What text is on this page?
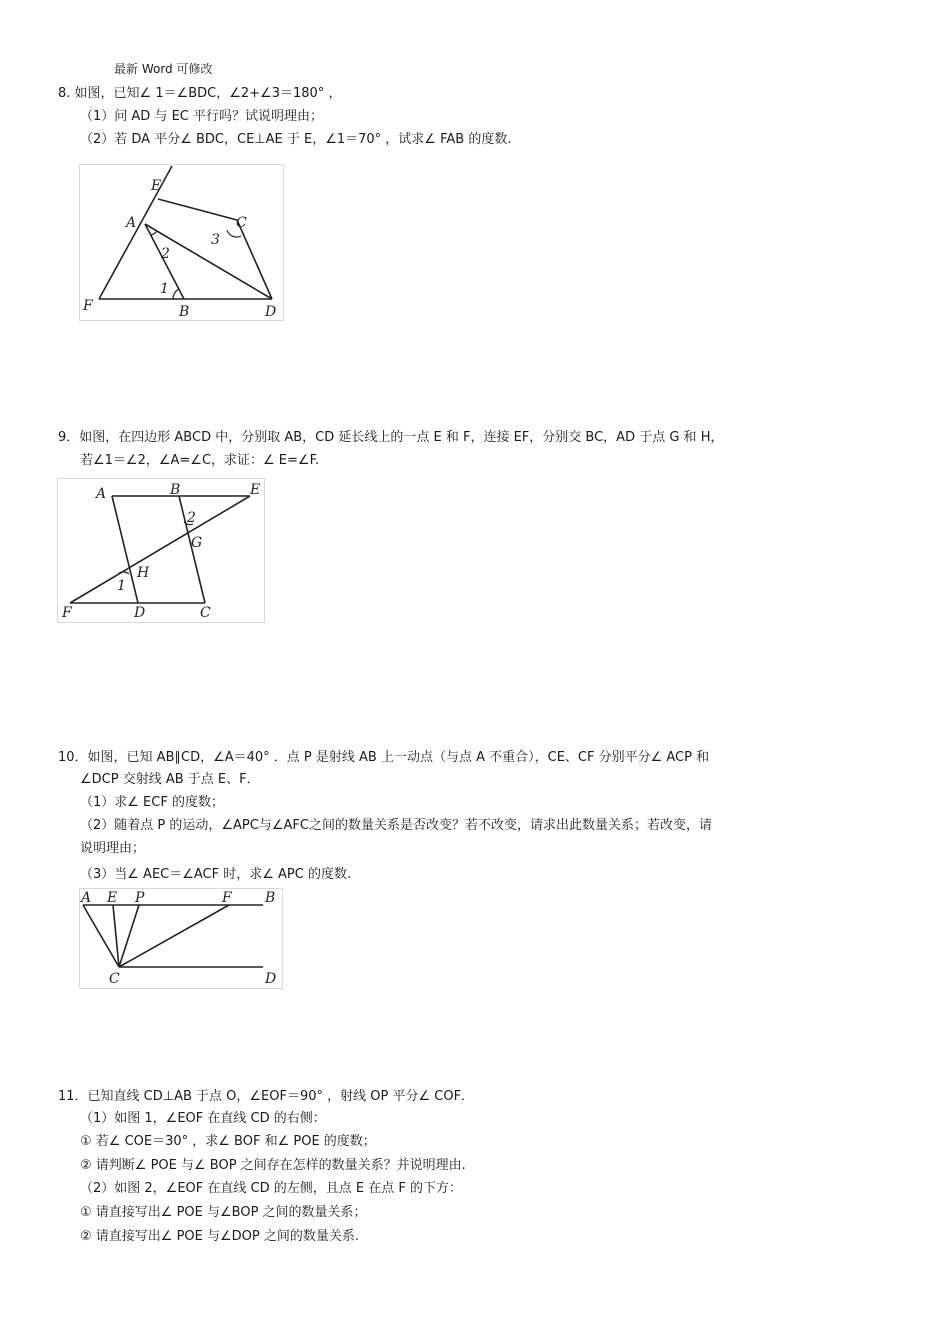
最新 Word 可修改
8. 如图，已知∠ 1＝∠BDC，∠2+∠3＝180° ，
（1）问 AD 与 EC 平行吗？试说明理由；
（2）若 DA 平分∠ BDC，CE⊥AE 于 E，∠1＝70° ，试求∠ FAB 的度数.
E
A	C
3
2
1
F	B	D
9．如图，在四边形 ABCD 中，分别取 AB，CD 延长线上的一点 E 和 F，连接 EF，分别交 BC，AD 于点 G 和 H，
若∠1＝∠2，∠A=∠C，求证：∠ E=∠F.
A	B	E
2
G
H
1
F	D	C
10．如图，已知 AB∥CD，∠A＝40° ．点 P 是射线 AB 上一动点（与点 A 不重合），CE、CF 分别平分∠ ACP 和
∠DCP 交射线 AB 于点 E、F．
（1）求∠ ECF 的度数；
（2）随着点 P 的运动，∠APC与∠AFC之间的数量关系是否改变？若不改变，请求出此数量关系；若改变，请
说明理由；
（3）当∠ AEC＝∠ACF 时，求∠ APC 的度数.
A E P	F B
C	D
11．已知直线 CD⊥AB 于点 O，∠EOF＝90° ，射线 OP 平分∠ COF．
（1）如图 1，∠EOF 在直线 CD 的右侧：
① 若∠ COE＝30° ，求∠ BOF 和∠ POE 的度数；
② 请判断∠ POE 与∠ BOP 之间存在怎样的数量关系？并说明理由.
（2）如图 2，∠EOF 在直线 CD 的左侧，且点 E 在点 F 的下方：
① 请直接写出∠ POE 与∠BOP 之间的数量关系；
② 请直接写出∠ POE 与∠DOP 之间的数量关系.
